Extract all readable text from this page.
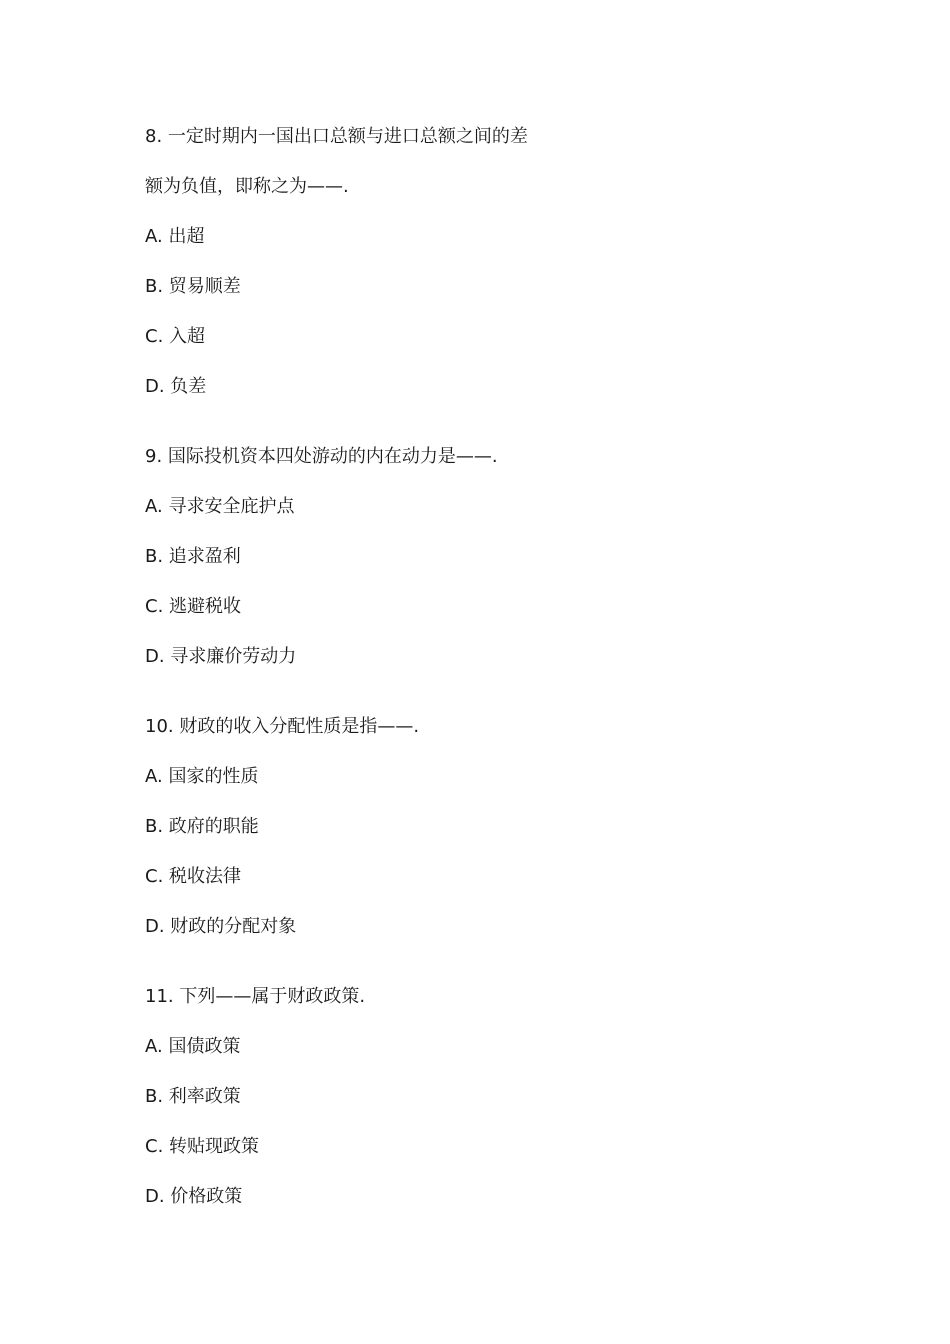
8. 一定时期内一国出口总额与进口总额之间的差
额为负值，即称之为——.
A. 出超
B. 贸易顺差
C. 入超
D. 负差
9. 国际投机资本四处游动的内在动力是——.
A. 寻求安全庇护点
B. 追求盈利
C. 逃避税收
D. 寻求廉价劳动力
10. 财政的收入分配性质是指——.
A. 国家的性质
B. 政府的职能
C. 税收法律
D. 财政的分配对象
11. 下列——属于财政政策.
A. 国债政策
B. 利率政策
C. 转贴现政策
D. 价格政策
